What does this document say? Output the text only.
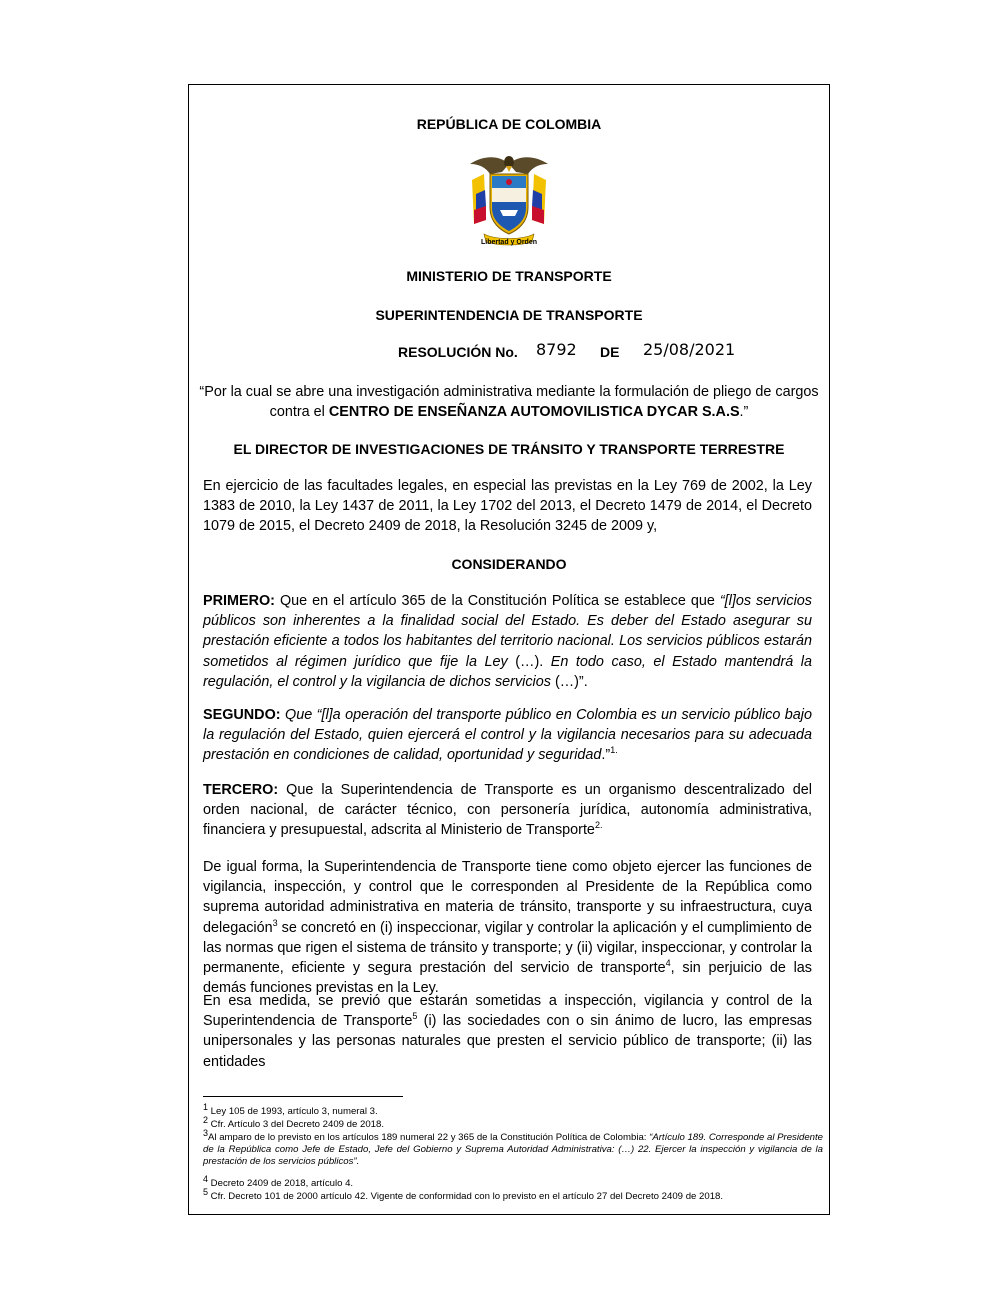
REPÚBLICA DE COLOMBIA
Libertad y Orden
MINISTERIO DE TRANSPORTE
SUPERINTENDENCIA DE TRANSPORTE
RESOLUCIÓN No. 8792 DE 25/08/2021
“Por la cual se abre una investigación administrativa mediante la formulación de pliego de cargos
contra el CENTRO DE ENSEÑANZA AUTOMOVILISTICA DYCAR S.A.S.”
EL DIRECTOR DE INVESTIGACIONES DE TRÁNSITO Y TRANSPORTE TERRESTRE

En ejercicio de las facultades legales, en especial las previstas en la Ley 769 de 2002, la Ley 1383 de 2010, la Ley 1437 de 2011, la Ley 1702 del 2013, el Decreto 1479 de 2014, el Decreto 1079 de 2015, el Decreto 2409 de 2018, la Resolución 3245 de 2009 y,

CONSIDERANDO

PRIMERO: Que en el artículo 365 de la Constitución Política se establece que “[l]os servicios públicos son inherentes a la finalidad social del Estado. Es deber del Estado asegurar su prestación eficiente a todos los habitantes del territorio nacional. Los servicios públicos estarán sometidos al régimen jurídico que fije la Ley (…). En todo caso, el Estado mantendrá la regulación, el control y la vigilancia de dichos servicios (…)”.

SEGUNDO: Que “[l]a operación del transporte público en Colombia es un servicio público bajo la regulación del Estado, quien ejercerá el control y la vigilancia necesarios para su adecuada prestación en condiciones de calidad, oportunidad y seguridad.”$^{1.}$

TERCERO: Que la Superintendencia de Transporte es un organismo descentralizado del orden nacional, de carácter técnico, con personería jurídica, autonomía administrativa, financiera y presupuestal, adscrita al Ministerio de Transporte$^{2.}$

De igual forma, la Superintendencia de Transporte tiene como objeto ejercer las funciones de vigilancia, inspección, y control que le corresponden al Presidente de la República como suprema autoridad administrativa en materia de tránsito, transporte y su infraestructura, cuya delegación$^3$ se concretó en (i) inspeccionar, vigilar y controlar la aplicación y el cumplimiento de las normas que rigen el sistema de tránsito y transporte; y (ii) vigilar, inspeccionar, y controlar la permanente, eficiente y segura prestación del servicio de transporte$^4$, sin perjuicio de las demás funciones previstas en la Ley.

En esa medida, se previó que estarán sometidas a inspección, vigilancia y control de la Superintendencia de Transporte$^5$ (i) las sociedades con o sin ánimo de lucro, las empresas unipersonales y las personas naturales que presten el servicio público de transporte; (ii) las entidades

1 Ley 105 de 1993, artículo 3, numeral 3.

2 Cfr. Artículo 3 del Decreto 2409 de 2018.

3Al amparo de lo previsto en los artículos 189 numeral 22 y 365 de la Constitución Política de Colombia: “Artículo 189. Corresponde al Presidente de la República como Jefe de Estado, Jefe del Gobierno y Suprema Autoridad Administrativa: (…) 22. Ejercer la inspección y vigilancia de la prestación de los servicios públicos”.

4 Decreto 2409 de 2018, artículo 4.

5 Cfr. Decreto 101 de 2000 artículo 42. Vigente de conformidad con lo previsto en el artículo 27 del Decreto 2409 de 2018.
